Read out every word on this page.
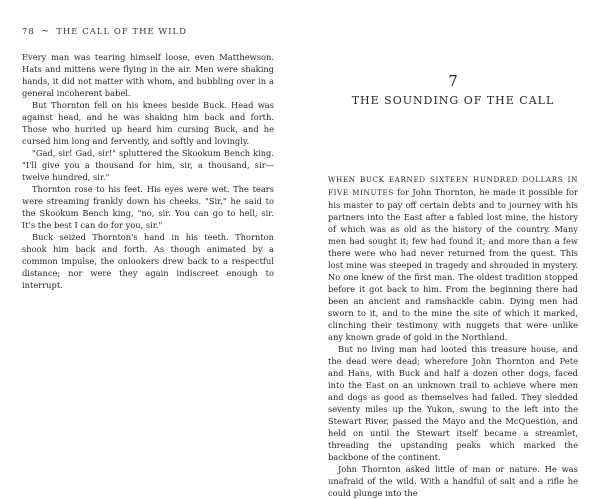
78 ~ THE CALL OF THE WILD

Every man was tearing himself loose, even Matthewson. Hats and mittens were flying in the air. Men were shaking hands, it did not matter with whom, and bubbling over in a general incoherent babel.

But Thornton fell on his knees beside Buck. Head was against head, and he was shaking him back and forth. Those who hurried up heard him cursing Buck, and he cursed him long and fervently, and softly and lovingly.

"Gad, sir! Gad, sir!" spluttered the Skookum Bench king. "I'll give you a thousand for him, sir, a thousand, sir—twelve hundred, sir."

Thornton rose to his feet. His eyes were wet. The tears were streaming frankly down his cheeks. "Sir," he said to the Skookum Bench king, "no, sir. You can go to hell, sir. It's the best I can do for you, sir."

Buck seized Thornton's hand in his teeth. Thornton shook him back and forth. As though animated by a common impulse, the onlookers drew back to a respectful distance; nor were they again indiscreet enough to interrupt.

7
THE SOUNDING OF THE CALL

WHEN BUCK EARNED SIXTEEN HUNDRED DOLLARS IN FIVE MINUTES for John Thornton, he made it possible for his master to pay off certain debts and to journey with his partners into the East after a fabled lost mine, the history of which was as old as the history of the country. Many men had sought it; few had found it; and more than a few there were who had never returned from the quest. This lost mine was steeped in tragedy and shrouded in mystery. No one knew of the first man. The oldest tradition stopped before it got back to him. From the beginning there had been an ancient and ramshackle cabin. Dying men had sworn to it, and to the mine the site of which it marked, clinching their testimony with nuggets that were unlike any known grade of gold in the Northland.

But no living man had looted this treasure house, and the dead were dead; wherefore John Thornton and Pete and Hans, with Buck and half a dozen other dogs, faced into the East on an unknown trail to achieve where men and dogs as good as themselves had failed. They sledded seventy miles up the Yukon, swung to the left into the Stewart River, passed the Mayo and the McQuestion, and held on until the Stewart itself became a streamlet, threading the upstanding peaks which marked the backbone of the continent.

John Thornton asked little of man or nature. He was unafraid of the wild. With a handful of salt and a rifle he could plunge into the
